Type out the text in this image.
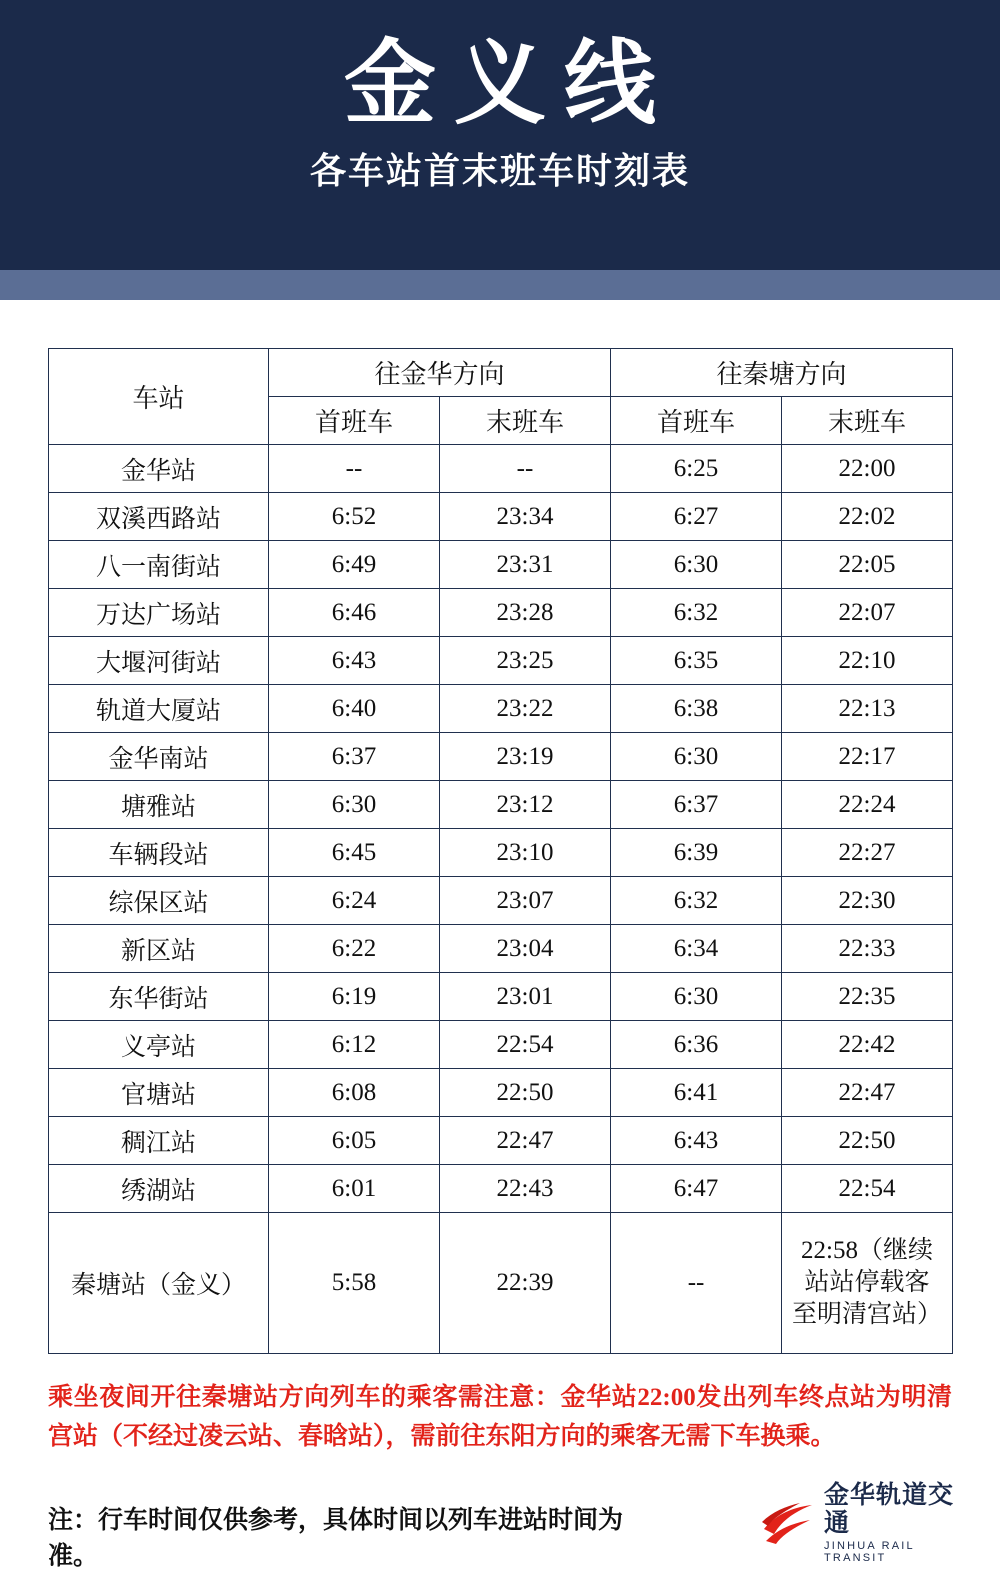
金义线
各车站首末班车时刻表
车站	往金华方向		往秦塘方向	
	首班车	末班车	首班车	末班车
金华站	--	--	6:25	22:00
双溪西路站	6:52	23:34	6:27	22:02
八一南街站	6:49	23:31	6:30	22:05
万达广场站	6:46	23:28	6:32	22:07
大堰河街站	6:43	23:25	6:35	22:10
轨道大厦站	6:40	23:22	6:38	22:13
金华南站	6:37	23:19	6:30	22:17
塘雅站	6:30	23:12	6:37	22:24
车辆段站	6:45	23:10	6:39	22:27
综保区站	6:24	23:07	6:32	22:30
新区站	6:22	23:04	6:34	22:33
东华街站	6:19	23:01	6:30	22:35
义亭站	6:12	22:54	6:36	22:42
官塘站	6:08	22:50	6:41	22:47
稠江站	6:05	22:47	6:43	22:50
绣湖站	6:01	22:43	6:47	22:54
秦塘站（金义）	5:58	22:39	--	22:58（继续
站站停载客
至明清宫站）
乘坐夜间开往秦塘站方向列车的乘客需注意：金华站22:00发出列车终点站为明清宫站（不经过凌云站、春晗站），需前往东阳方向的乘客无需下车换乘。
注：行车时间仅供参考，具体时间以列车进站时间为准。
金华轨道交通
JINHUA RAIL TRANSIT
